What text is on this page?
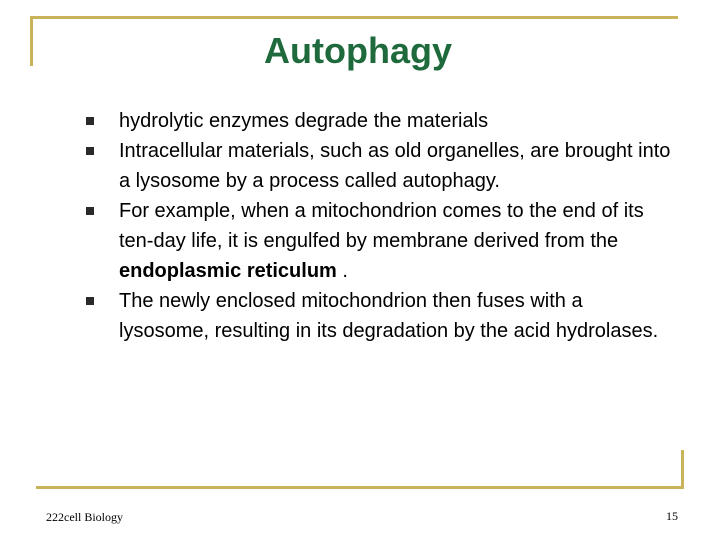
Autophagy
hydrolytic enzymes degrade the materials
Intracellular materials, such as old organelles, are brought into a lysosome by a process called autophagy.
For example, when a mitochondrion comes to the end of its ten-day life, it is engulfed by membrane derived from the endoplasmic reticulum .
The newly enclosed mitochondrion then fuses with a lysosome, resulting in its degradation by the acid hydrolases.
222cell Biology	15
